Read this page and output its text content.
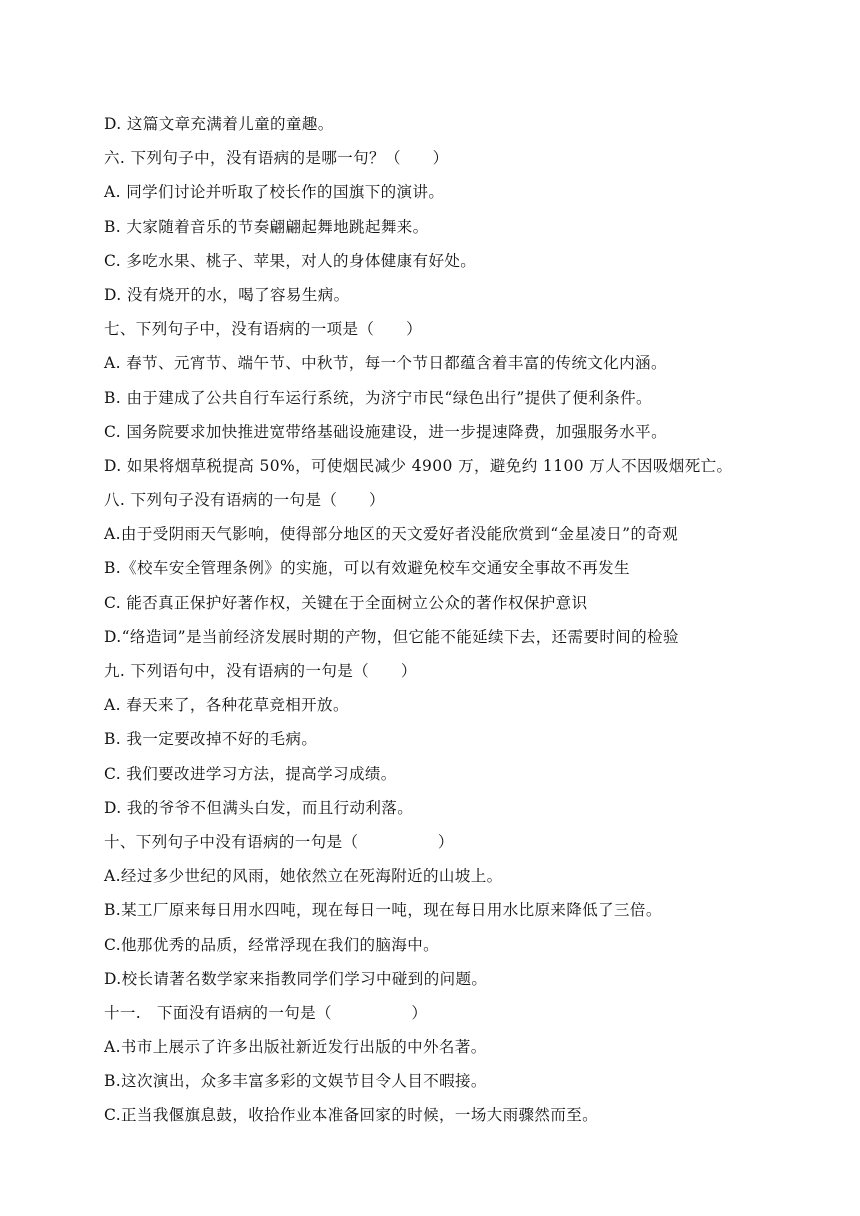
D. 这篇文章充满着儿童的童趣。
六. 下列句子中，没有语病的是哪一句？（　　）
A. 同学们讨论并听取了校长作的国旗下的演讲。
B. 大家随着音乐的节奏翩翩起舞地跳起舞来。
C. 多吃水果、桃子、苹果，对人的身体健康有好处。
D. 没有烧开的水，喝了容易生病。
七、下列句子中，没有语病的一项是（　　）
A. 春节、元宵节、端午节、中秋节，每一个节日都蕴含着丰富的传统文化内涵。
B. 由于建成了公共自行车运行系统，为济宁市民“绿色出行”提供了便利条件。
C. 国务院要求加快推进宽带络基础设施建设，进一步提速降费，加强服务水平。
D. 如果将烟草税提高 50%，可使烟民减少 4900 万，避免约 1100 万人不因吸烟死亡。
八. 下列句子没有语病的一句是（　　）
A.由于受阴雨天气影响，使得部分地区的天文爱好者没能欣赏到“金星凌日”的奇观
B.《校车安全管理条例》的实施，可以有效避免校车交通安全事故不再发生
C. 能否真正保护好著作权，关键在于全面树立公众的著作权保护意识
D.“络造词”是当前经济发展时期的产物，但它能不能延续下去，还需要时间的检验
九. 下列语句中，没有语病的一句是（　　）
A. 春天来了，各种花草竞相开放。
B. 我一定要改掉不好的毛病。
C. 我们要改进学习方法，提高学习成绩。
D. 我的爷爷不但满头白发，而且行动利落。
十、下列句子中没有语病的一句是（　　　　　）
A.经过多少世纪的风雨，她依然立在死海附近的山坡上。
B.某工厂原来每日用水四吨，现在每日一吨，现在每日用水比原来降低了三倍。
C.他那优秀的品质，经常浮现在我们的脑海中。
D.校长请著名数学家来指教同学们学习中碰到的问题。
十一.　下面没有语病的一句是（　　　　　）
A.书市上展示了许多出版社新近发行出版的中外名著。
B.这次演出，众多丰富多彩的文娱节目令人目不暇接。
C.正当我偃旗息鼓，收拾作业本准备回家的时候，一场大雨骤然而至。
